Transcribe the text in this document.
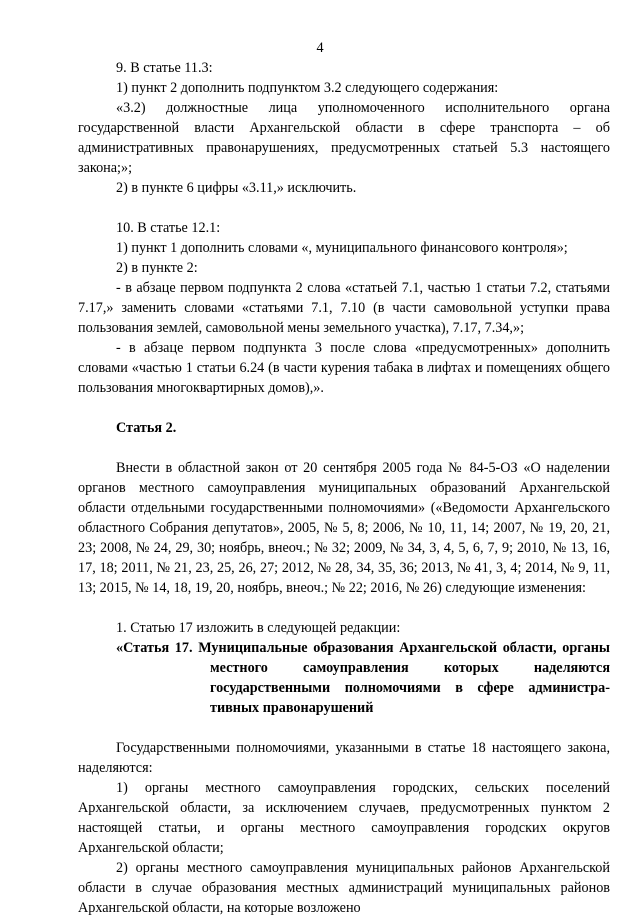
4

9. В статье 11.3:

1) пункт 2 дополнить подпунктом 3.2 следующего содержания:

«3.2) должностные лица уполномоченного исполнительного органа государственной власти Архангельской области в сфере транспорта – об административных правонарушениях, предусмотренных статьей 5.3 настоящего закона;»;

2) в пункте 6 цифры «3.11,» исключить.

10. В статье 12.1:

1) пункт 1 дополнить словами «, муниципального финансового контроля»;

2) в пункте 2:

- в абзаце первом подпункта 2 слова «статьей 7.1, частью 1 статьи 7.2, статьями 7.17,» заменить словами «статьями 7.1, 7.10 (в части самовольной уступки права пользования землей, самовольной мены земельного участка), 7.17, 7.34,»;

- в абзаце первом подпункта 3 после слова «предусмотренных» дополнить словами «частью 1 статьи 6.24 (в части курения табака в лифтах и помещениях общего пользования многоквартирных домов),».

Статья 2.

Внести в областной закон от 20 сентября 2005 года № 84-5-ОЗ «О наделении органов местного самоуправления муниципальных образований Архангельской области отдельными государственными полномочиями» («Ведомости Архангельского областного Собрания депутатов», 2005, № 5, 8; 2006, № 10, 11, 14; 2007, № 19, 20, 21, 23; 2008, № 24, 29, 30; ноябрь, внеоч.; № 32; 2009, № 34, 3, 4, 5, 6, 7, 9; 2010, № 13, 16, 17, 18; 2011, № 21, 23, 25, 26, 27; 2012, № 28, 34, 35, 36; 2013, № 41, 3, 4; 2014, № 9, 11, 13; 2015, № 14, 18, 19, 20, ноябрь, внеоч.; № 22; 2016, № 26) следующие изменения:

1. Статью 17 изложить в следующей редакции:

«Статья 17. Муниципальные образования Архангельской области, органы местного самоуправления которых наделяются государственными полномочиями в сфере администра-тивных правонарушений

Государственными полномочиями, указанными в статье 18 настоящего закона, наделяются:

1) органы местного самоуправления городских, сельских поселений Архангельской области, за исключением случаев, предусмотренных пунктом 2 настоящей статьи, и органы местного самоуправления городских округов Архангельской области;

2) органы местного самоуправления муниципальных районов Архангельской области в случае образования местных администраций муниципальных районов Архангельской области, на которые возложено
